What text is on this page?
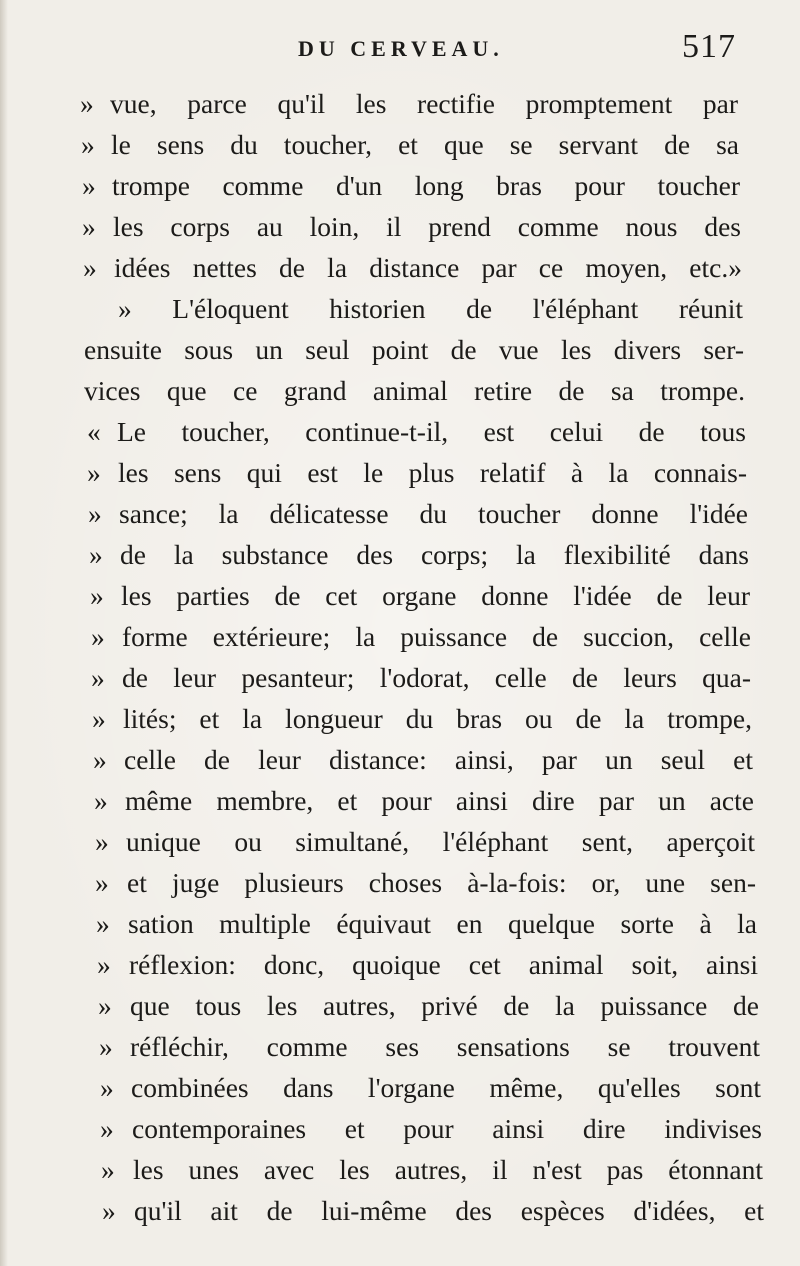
DU CERVEAU.	517
» vue, parce qu'il les rectifie promptement par
» le sens du toucher, et que se servant de sa
» trompe comme d'un long bras pour toucher
» les corps au loin, il prend comme nous des
» idées nettes de la distance par ce moyen, etc.»
» L'éloquent historien de l'éléphant réunit
ensuite sous un seul point de vue les divers ser-
vices que ce grand animal retire de sa trompe.
« Le toucher, continue-t-il, est celui de tous
» les sens qui est le plus relatif à la connais-
» sance; la délicatesse du toucher donne l'idée
» de la substance des corps; la flexibilité dans
» les parties de cet organe donne l'idée de leur
» forme extérieure; la puissance de succion, celle
» de leur pesanteur; l'odorat, celle de leurs qua-
» lités; et la longueur du bras ou de la trompe,
» celle de leur distance: ainsi, par un seul et
» même membre, et pour ainsi dire par un acte
» unique ou simultané, l'éléphant sent, aperçoit
» et juge plusieurs choses à-la-fois: or, une sen-
» sation multiple équivaut en quelque sorte à la
» réflexion: donc, quoique cet animal soit, ainsi
» que tous les autres, privé de la puissance de
» réfléchir, comme ses sensations se trouvent
» combinées dans l'organe même, qu'elles sont
» contemporaines et pour ainsi dire indivises
» les unes avec les autres, il n'est pas étonnant
» qu'il ait de lui-même des espèces d'idées, et
